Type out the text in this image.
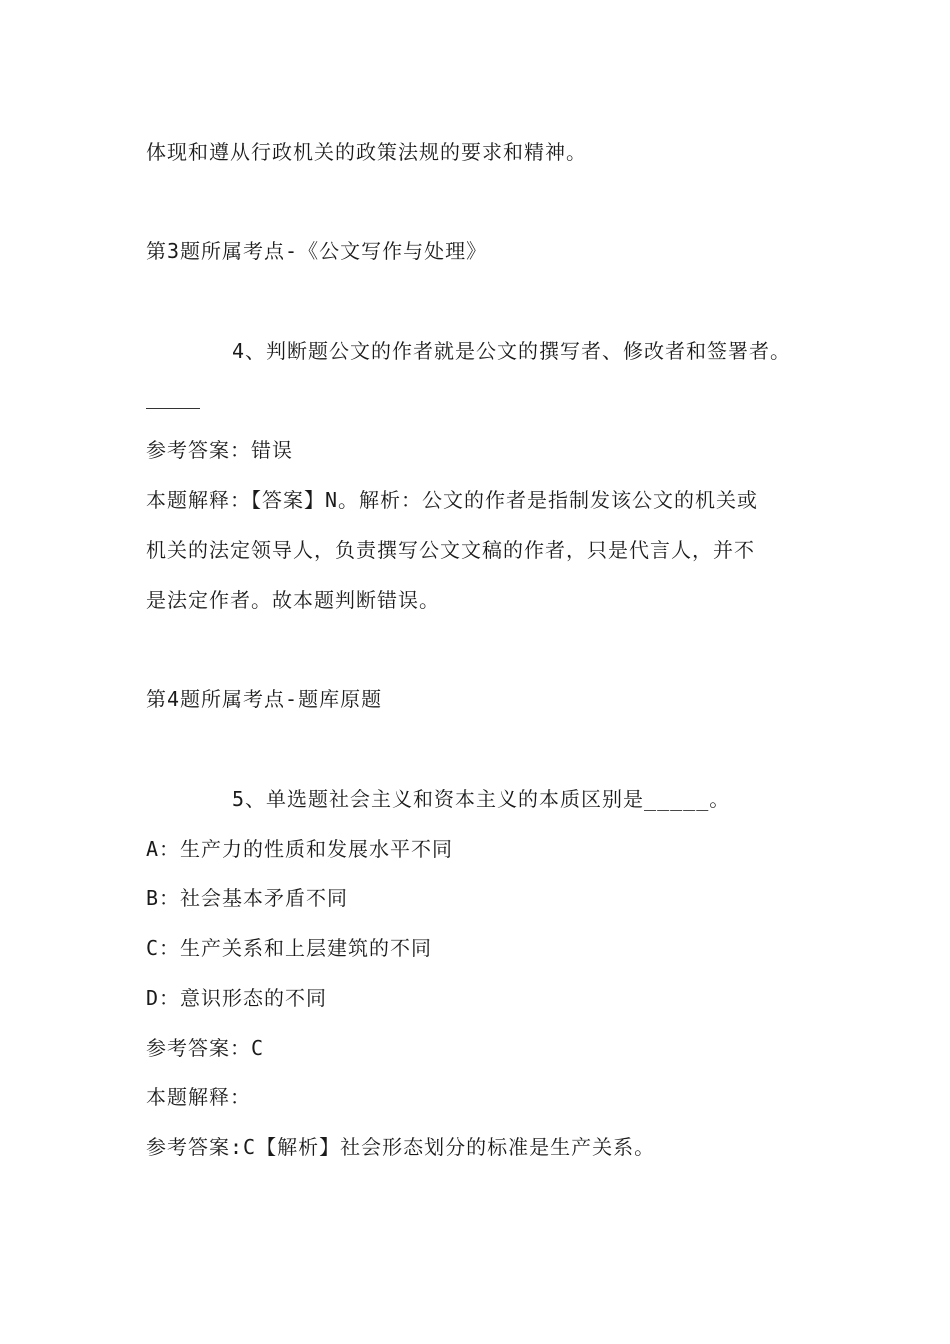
体现和遵从行政机关的政策法规的要求和精神。
第3题所属考点-《公文写作与处理》
4、判断题公文的作者就是公文的撰写者、修改者和签署者。
参考答案：错误
本题解释：【答案】N。解析：公文的作者是指制发该公文的机关或
机关的法定领导人，负责撰写公文文稿的作者，只是代言人，并不
是法定作者。故本题判断错误。
第4题所属考点-题库原题
5、单选题社会主义和资本主义的本质区别是_____。
A：生产力的性质和发展水平不同
B：社会基本矛盾不同
C：生产关系和上层建筑的不同
D：意识形态的不同
参考答案：C
本题解释：
参考答案:C【解析】社会形态划分的标准是生产关系。
